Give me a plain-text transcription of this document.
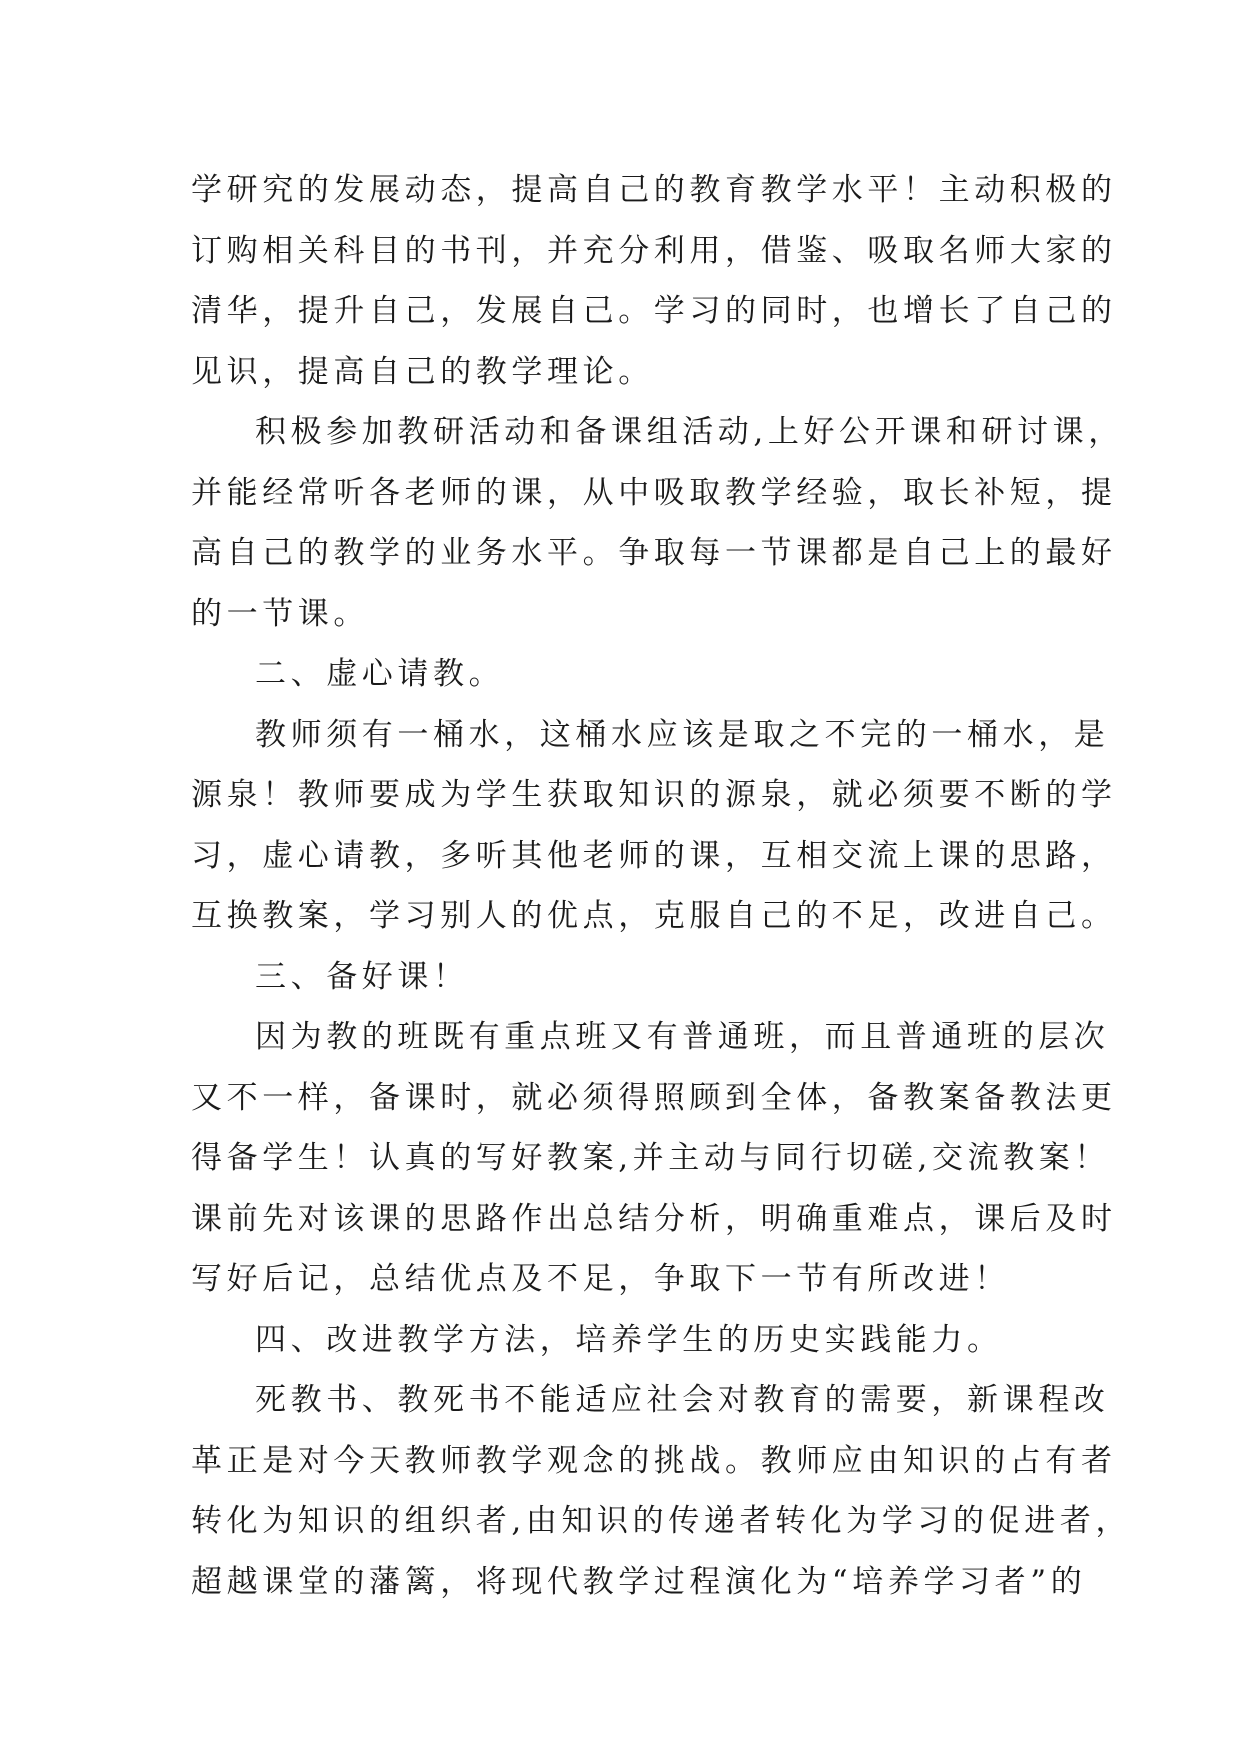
学研究的发展动态，提高自己的教育教学水平！主动积极的
订购相关科目的书刊，并充分利用，借鉴、吸取名师大家的
清华，提升自己，发展自己。学习的同时，也增长了自己的
见识，提高自己的教学理论。
积极参加教研活动和备课组活动,上好公开课和研讨课，
并能经常听各老师的课，从中吸取教学经验，取长补短，提
高自己的教学的业务水平。争取每一节课都是自己上的最好
的一节课。
二、虚心请教。
教师须有一桶水，这桶水应该是取之不完的一桶水，是
源泉！教师要成为学生获取知识的源泉，就必须要不断的学
习，虚心请教，多听其他老师的课，互相交流上课的思路，
互换教案，学习别人的优点，克服自己的不足，改进自己。
三、备好课！
因为教的班既有重点班又有普通班，而且普通班的层次
又不一样，备课时，就必须得照顾到全体，备教案备教法更
得备学生！认真的写好教案,并主动与同行切磋,交流教案！
课前先对该课的思路作出总结分析，明确重难点，课后及时
写好后记，总结优点及不足，争取下一节有所改进！
四、改进教学方法，培养学生的历史实践能力。
死教书、教死书不能适应社会对教育的需要，新课程改
革正是对今天教师教学观念的挑战。教师应由知识的占有者
转化为知识的组织者,由知识的传递者转化为学习的促进者，
超越课堂的藩篱，将现代教学过程演化为“培养学习者”的
